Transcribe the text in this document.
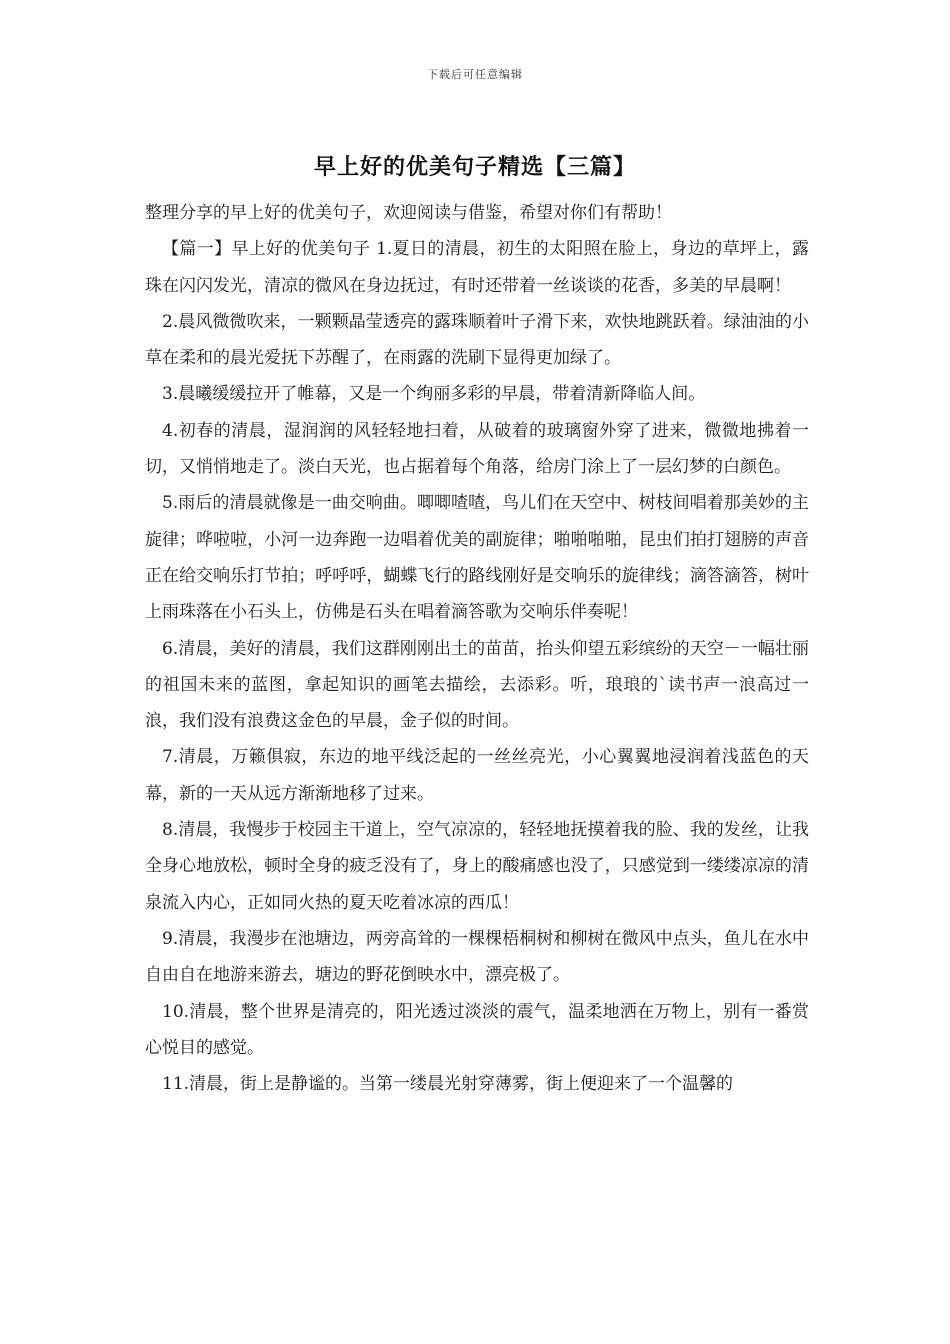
下载后可任意编辑
早上好的优美句子精选【三篇】

整理分享的早上好的优美句子，欢迎阅读与借鉴，希望对你们有帮助！

【篇一】早上好的优美句子 1.夏日的清晨，初生的太阳照在脸上，身边的草坪上，露珠在闪闪发光，清凉的微风在身边抚过，有时还带着一丝谈谈的花香，多美的早晨啊！

2.晨风微微吹来，一颗颗晶莹透亮的露珠顺着叶子滑下来，欢快地跳跃着。绿油油的小草在柔和的晨光爱抚下苏醒了，在雨露的洗刷下显得更加绿了。

3.晨曦缓缓拉开了帷幕，又是一个绚丽多彩的早晨，带着清新降临人间。

4.初春的清晨，湿润润的风轻轻地扫着，从破着的玻璃窗外穿了进来，微微地拂着一切，又悄悄地走了。淡白天光，也占据着每个角落，给房门涂上了一层幻梦的白颜色。

5.雨后的清晨就像是一曲交响曲。唧唧喳喳，鸟儿们在天空中、树枝间唱着那美妙的主旋律；哗啦啦，小河一边奔跑一边唱着优美的副旋律；啪啪啪啪，昆虫们拍打翅膀的声音正在给交响乐打节拍；呼呼呼，蝴蝶飞行的路线刚好是交响乐的旋律线；滴答滴答，树叶上雨珠落在小石头上，仿佛是石头在唱着滴答歌为交响乐伴奏呢！

6.清晨，美好的清晨，我们这群刚刚出土的苗苗，抬头仰望五彩缤纷的天空－一幅壮丽的祖国未来的蓝图，拿起知识的画笔去描绘，去添彩。听，琅琅的`读书声一浪高过一浪，我们没有浪费这金色的早晨，金子似的时间。

7.清晨，万籁俱寂，东边的地平线泛起的一丝丝亮光，小心翼翼地浸润着浅蓝色的天幕，新的一天从远方渐渐地移了过来。

8.清晨，我慢步于校园主干道上，空气凉凉的，轻轻地抚摸着我的脸、我的发丝，让我全身心地放松，顿时全身的疲乏没有了，身上的酸痛感也没了，只感觉到一缕缕凉凉的清泉流入内心，正如同火热的夏天吃着冰凉的西瓜！

9.清晨，我漫步在池塘边，两旁高耸的一棵棵梧桐树和柳树在微风中点头，鱼儿在水中自由自在地游来游去，塘边的野花倒映水中，漂亮极了。

10.清晨，整个世界是清亮的，阳光透过淡淡的震气，温柔地洒在万物上，别有一番赏心悦目的感觉。

11.清晨，街上是静谧的。当第一缕晨光射穿薄雾，街上便迎来了一个温馨的
